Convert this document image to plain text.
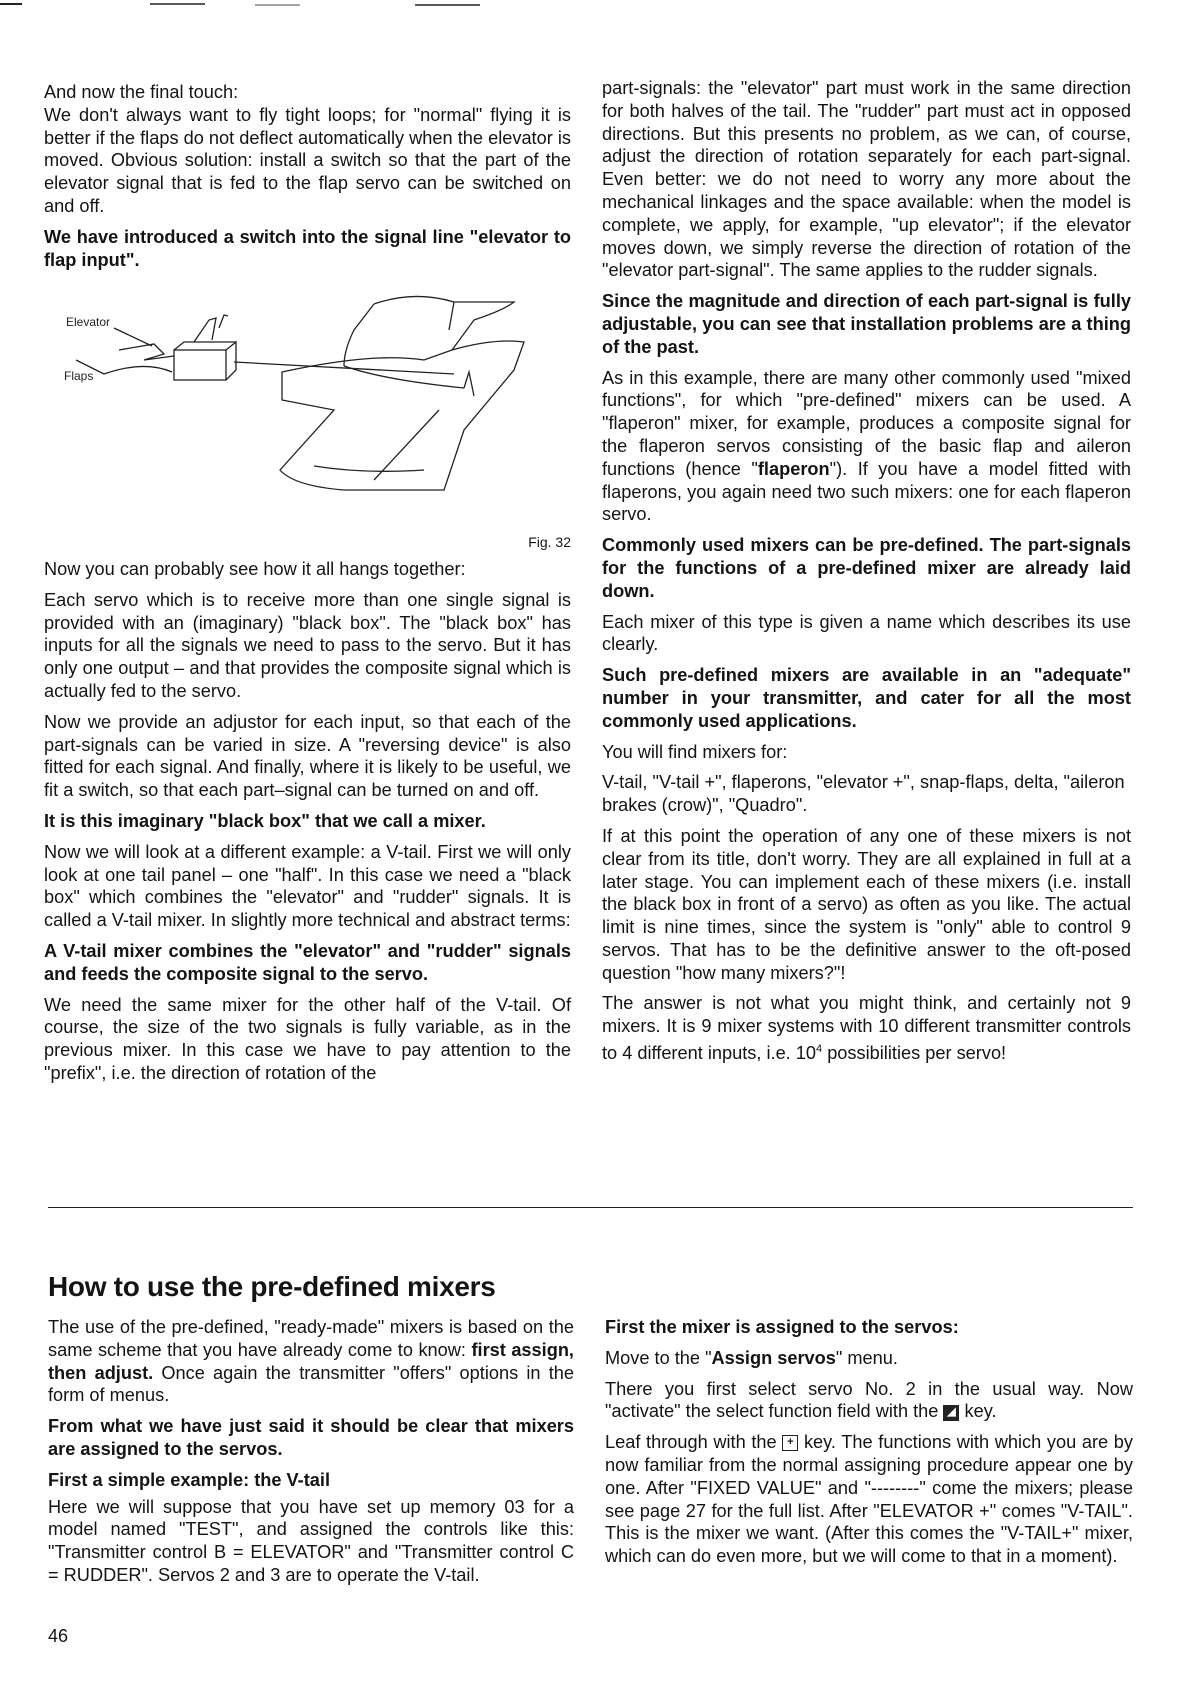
And now the final touch:

We don't always want to fly tight loops; for "normal" flying it is better if the flaps do not deflect automatically when the elevator is moved. Obvious solution: install a switch so that the part of the elevator signal that is fed to the flap servo can be switched on and off.

We have introduced a switch into the signal line "elevator to flap input".

Elevator
Flaps
Fig. 32

Now you can probably see how it all hangs together:

Each servo which is to receive more than one single signal is provided with an (imaginary) "black box". The "black box" has inputs for all the signals we need to pass to the servo. But it has only one output – and that provides the composite signal which is actually fed to the servo.

Now we provide an adjustor for each input, so that each of the part-signals can be varied in size. A "reversing device" is also fitted for each signal. And finally, where it is likely to be useful, we fit a switch, so that each part–signal can be turned on and off.

It is this imaginary "black box" that we call a mixer.

Now we will look at a different example: a V-tail. First we will only look at one tail panel – one "half". In this case we need a "black box" which combines the "elevator" and "rudder" signals. It is called a V-tail mixer. In slightly more technical and abstract terms:

A V-tail mixer combines the "elevator" and "rudder" signals and feeds the composite signal to the servo.

We need the same mixer for the other half of the V-tail. Of course, the size of the two signals is fully variable, as in the previous mixer. In this case we have to pay attention to the "prefix", i.e. the direction of rotation of the

part-signals: the "elevator" part must work in the same direction for both halves of the tail. The "rudder" part must act in opposed directions. But this presents no problem, as we can, of course, adjust the direction of rotation separately for each part-signal. Even better: we do not need to worry any more about the mechanical linkages and the space available: when the model is complete, we apply, for example, "up elevator"; if the elevator moves down, we simply reverse the direction of rotation of the "elevator part-signal". The same applies to the rudder signals.

Since the magnitude and direction of each part-signal is fully adjustable, you can see that installation problems are a thing of the past.

As in this example, there are many other commonly used "mixed functions", for which "pre-defined" mixers can be used. A "flaperon" mixer, for example, produces a composite signal for the flaperon servos consisting of the basic flap and aileron functions (hence "flaperon"). If you have a model fitted with flaperons, you again need two such mixers: one for each flaperon servo.

Commonly used mixers can be pre-defined. The part-signals for the functions of a pre-defined mixer are already laid down.

Each mixer of this type is given a name which describes its use clearly.

Such pre-defined mixers are available in an "adequate" number in your transmitter, and cater for all the most commonly used applications.

You will find mixers for:

V-tail, "V-tail +", flaperons, "elevator +", snap-flaps, delta, "aileron brakes (crow)", "Quadro".

If at this point the operation of any one of these mixers is not clear from its title, don't worry. They are all explained in full at a later stage. You can implement each of these mixers (i.e. install the black box in front of a servo) as often as you like. The actual limit is nine times, since the system is "only" able to control 9 servos. That has to be the definitive answer to the oft-posed question "how many mixers?"!

The answer is not what you might think, and certainly not 9 mixers. It is 9 mixer systems with 10 different transmitter controls to 4 different inputs, i.e. $10^4$ possibilities per servo!

How to use the pre-defined mixers

The use of the pre-defined, "ready-made" mixers is based on the same scheme that you have already come to know: first assign, then adjust. Once again the transmitter "offers" options in the form of menus.

From what we have just said it should be clear that mixers are assigned to the servos.

First a simple example: the V-tail

Here we will suppose that you have set up memory 03 for a model named "TEST", and assigned the controls like this: "Transmitter control B = ELEVATOR" and "Transmitter control C = RUDDER". Servos 2 and 3 are to operate the V-tail.

First the mixer is assigned to the servos:

Move to the "Assign servos" menu.

There you first select servo No. 2 in the usual way. Now "activate" the select function field with the ◢ key.

Leaf through with the + key. The functions with which you are by now familiar from the normal assigning procedure appear one by one. After "FIXED VALUE" and "--------" come the mixers; please see page 27 for the full list. After "ELEVATOR +" comes "V-TAIL". This is the mixer we want. (After this comes the "V-TAIL+" mixer, which can do even more, but we will come to that in a moment).

46
